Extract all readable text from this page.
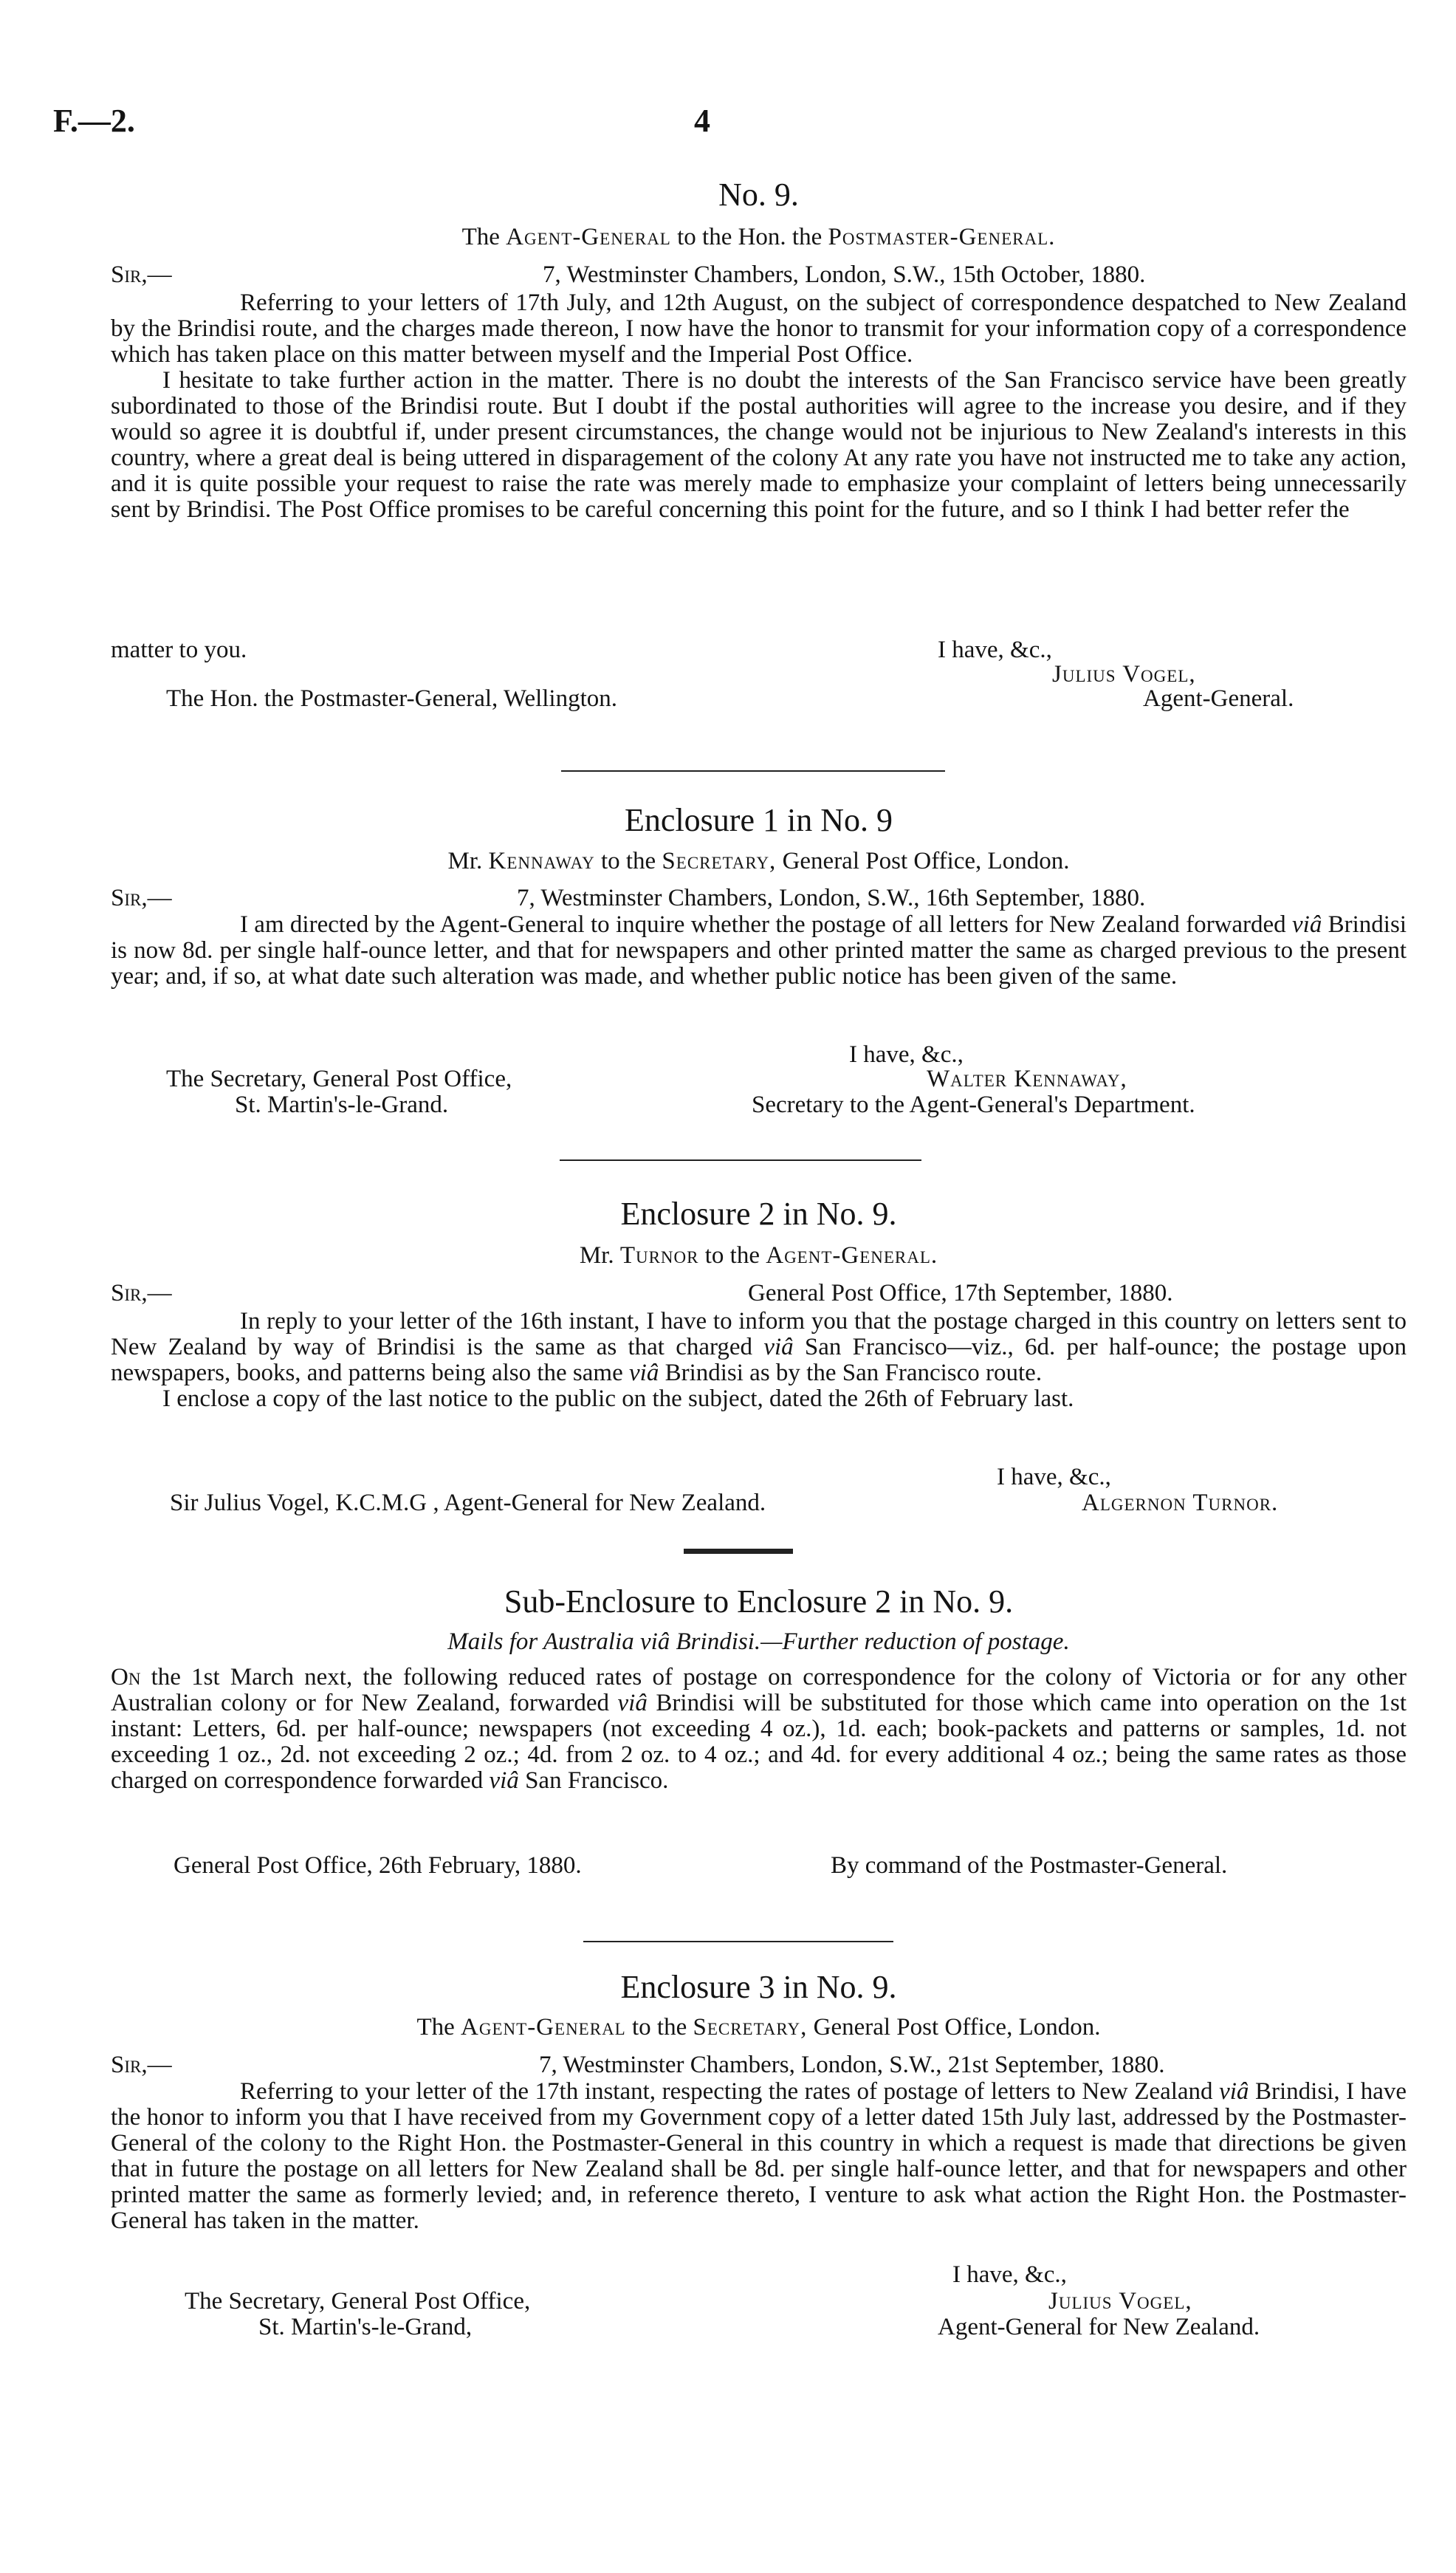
F.—2.	4
No. 9.
The Agent-General to the Hon. the Postmaster-General.
Sir,—	7, Westminster Chambers, London, S.W., 15th October, 1880.

Referring to your letters of 17th July, and 12th August, on the subject of correspondence despatched to New Zealand by the Brindisi route, and the charges made thereon, I now have the honor to transmit for your information copy of a correspondence which has taken place on this matter between myself and the Imperial Post Office.

I hesitate to take further action in the matter. There is no doubt the interests of the San Francisco service have been greatly subordinated to those of the Brindisi route. But I doubt if the postal authorities will agree to the increase you desire, and if they would so agree it is doubtful if, under present circumstances, the change would not be injurious to New Zealand's interests in this country, where a great deal is being uttered in disparagement of the colony At any rate you have not instructed me to take any action, and it is quite possible your request to raise the rate was merely made to emphasize your complaint of letters being unnecessarily sent by Brindisi. The Post Office promises to be careful concerning this point for the future, and so I think I had better refer the

matter to you.	I have, &c.,
Julius Vogel,
The Hon. the Postmaster-General, Wellington.	Agent-General.
Enclosure 1 in No. 9
Mr. Kennaway to the Secretary, General Post Office, London.
Sir,—	7, Westminster Chambers, London, S.W., 16th September, 1880.

I am directed by the Agent-General to inquire whether the postage of all letters for New Zealand forwarded viâ Brindisi is now 8d. per single half-ounce letter, and that for newspapers and other printed matter the same as charged previous to the present year; and, if so, at what date such alteration was made, and whether public notice has been given of the same.

I have, &c.,
The Secretary, General Post Office,	Walter Kennaway,
St. Martin's-le-Grand.	Secretary to the Agent-General's Department.
Enclosure 2 in No. 9.
Mr. Turnor to the Agent-General.
Sir,—	General Post Office, 17th September, 1880.

In reply to your letter of the 16th instant, I have to inform you that the postage charged in this country on letters sent to New Zealand by way of Brindisi is the same as that charged viâ San Francisco—viz., 6d. per half-ounce; the postage upon newspapers, books, and patterns being also the same viâ Brindisi as by the San Francisco route.

I enclose a copy of the last notice to the public on the subject, dated the 26th of February last.

I have, &c.,
Sir Julius Vogel, K.C.M.G , Agent-General for New Zealand.	Algernon Turnor.
Sub-Enclosure to Enclosure 2 in No. 9.
Mails for Australia viâ Brindisi.—Further reduction of postage.

On the 1st March next, the following reduced rates of postage on correspondence for the colony of Victoria or for any other Australian colony or for New Zealand, forwarded viâ Brindisi will be substituted for those which came into operation on the 1st instant: Letters, 6d. per half-ounce; newspapers (not exceeding 4 oz.), 1d. each; book-packets and patterns or samples, 1d. not exceeding 1 oz., 2d. not exceeding 2 oz.; 4d. from 2 oz. to 4 oz.; and 4d. for every additional 4 oz.; being the same rates as those charged on correspondence forwarded viâ San Francisco.

General Post Office, 26th February, 1880.	By command of the Postmaster-General.
Enclosure 3 in No. 9.
The Agent-General to the Secretary, General Post Office, London.
Sir,—	7, Westminster Chambers, London, S.W., 21st September, 1880.

Referring to your letter of the 17th instant, respecting the rates of postage of letters to New Zealand viâ Brindisi, I have the honor to inform you that I have received from my Government copy of a letter dated 15th July last, addressed by the Postmaster-General of the colony to the Right Hon. the Postmaster-General in this country in which a request is made that directions be given that in future the postage on all letters for New Zealand shall be 8d. per single half-ounce letter, and that for newspapers and other printed matter the same as formerly levied; and, in reference thereto, I venture to ask what action the Right Hon. the Postmaster-General has taken in the matter.

I have, &c.,
The Secretary, General Post Office,	Julius Vogel,
St. Martin's-le-Grand,	Agent-General for New Zealand.
